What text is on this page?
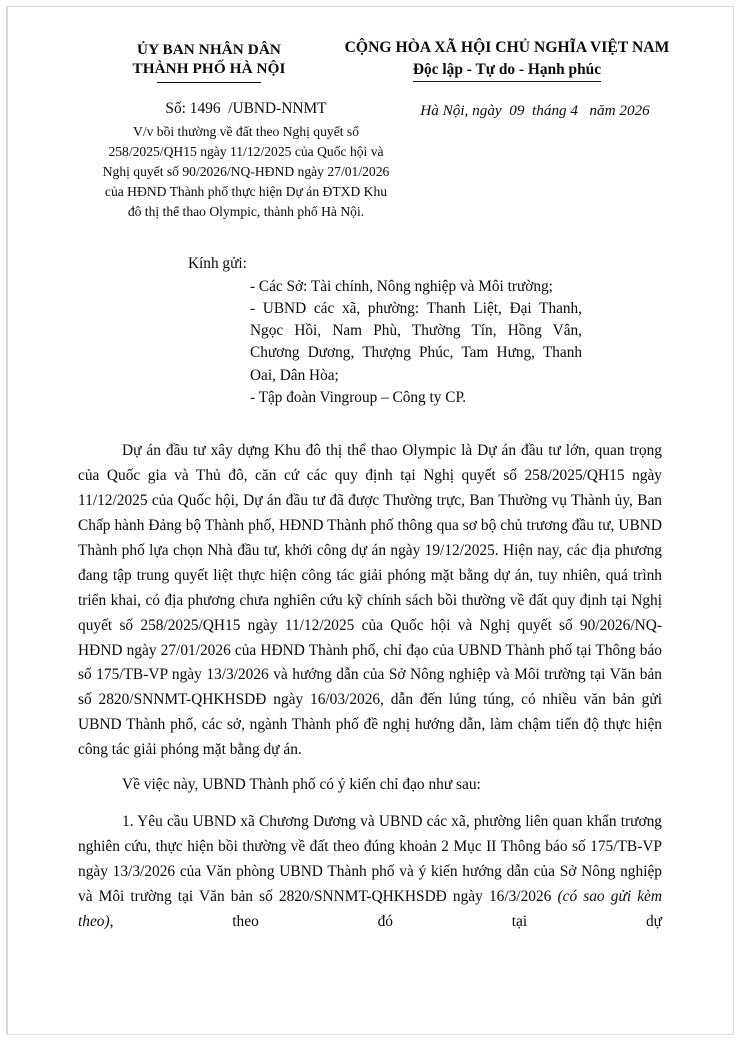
ỦY BAN NHÂN DÂN
THÀNH PHỐ HÀ NỘI
CỘNG HÒA XÃ HỘI CHỦ NGHĨA VIỆT NAM
Độc lập - Tự do - Hạnh phúc
Số: 1496  /UBND-NNMT
V/v bồi thường về đất theo Nghị quyết số 258/2025/QH15 ngày 11/12/2025 của Quốc hội và Nghị quyết số 90/2026/NQ-HĐND ngày 27/01/2026 của HĐND Thành phố thực hiện Dự án ĐTXD Khu đô thị thể thao Olympic, thành phố Hà Nội.
Hà Nội, ngày  09  tháng 4   năm 2026
Kính gửi:

- Các Sở: Tài chính, Nông nghiệp và Môi trường;

- UBND các xã, phường: Thanh Liệt, Đại Thanh, Ngọc Hồi, Nam Phù, Thường Tín, Hồng Vân, Chương Dương, Thượng Phúc, Tam Hưng, Thanh Oai, Dân Hòa;

- Tập đoàn Vingroup – Công ty CP.

Dự án đầu tư xây dựng Khu đô thị thể thao Olympic là Dự án đầu tư lớn, quan trọng của Quốc gia và Thủ đô, căn cứ các quy định tại Nghị quyết số 258/2025/QH15 ngày 11/12/2025 của Quốc hội, Dự án đầu tư đã được Thường trực, Ban Thường vụ Thành ủy, Ban Chấp hành Đảng bộ Thành phố, HĐND Thành phố thông qua sơ bộ chủ trương đầu tư, UBND Thành phố lựa chọn Nhà đầu tư, khởi công dự án ngày 19/12/2025. Hiện nay, các địa phương đang tập trung quyết liệt thực hiện công tác giải phóng mặt bằng dự án, tuy nhiên, quá trình triển khai, có địa phương chưa nghiên cứu kỹ chính sách bồi thường về đất quy định tại Nghị quyết số 258/2025/QH15 ngày 11/12/2025 của Quốc hội và Nghị quyết số 90/2026/NQ-HĐND ngày 27/01/2026 của HĐND Thành phố, chỉ đạo của UBND Thành phố tại Thông báo số 175/TB-VP ngày 13/3/2026 và hướng dẫn của Sở Nông nghiệp và Môi trường tại Văn bản số 2820/SNNMT-QHKHSDĐ ngày 16/03/2026, dẫn đến lúng túng, có nhiều văn bản gửi UBND Thành phố, các sở, ngành Thành phố đề nghị hướng dẫn, làm chậm tiến độ thực hiện công tác giải phóng mặt bằng dự án.

Về việc này, UBND Thành phố có ý kiến chỉ đạo như sau:

1. Yêu cầu UBND xã Chương Dương và UBND các xã, phường liên quan khẩn trương nghiên cứu, thực hiện bồi thường về đất theo đúng khoản 2 Mục II Thông báo số 175/TB-VP ngày 13/3/2026 của Văn phòng UBND Thành phố và ý kiến hướng dẫn của Sở Nông nghiệp và Môi trường tại Văn bản số 2820/SNNMT-QHKHSDĐ ngày 16/3/2026 (có sao gửi kèm theo), theo đó tại dự
